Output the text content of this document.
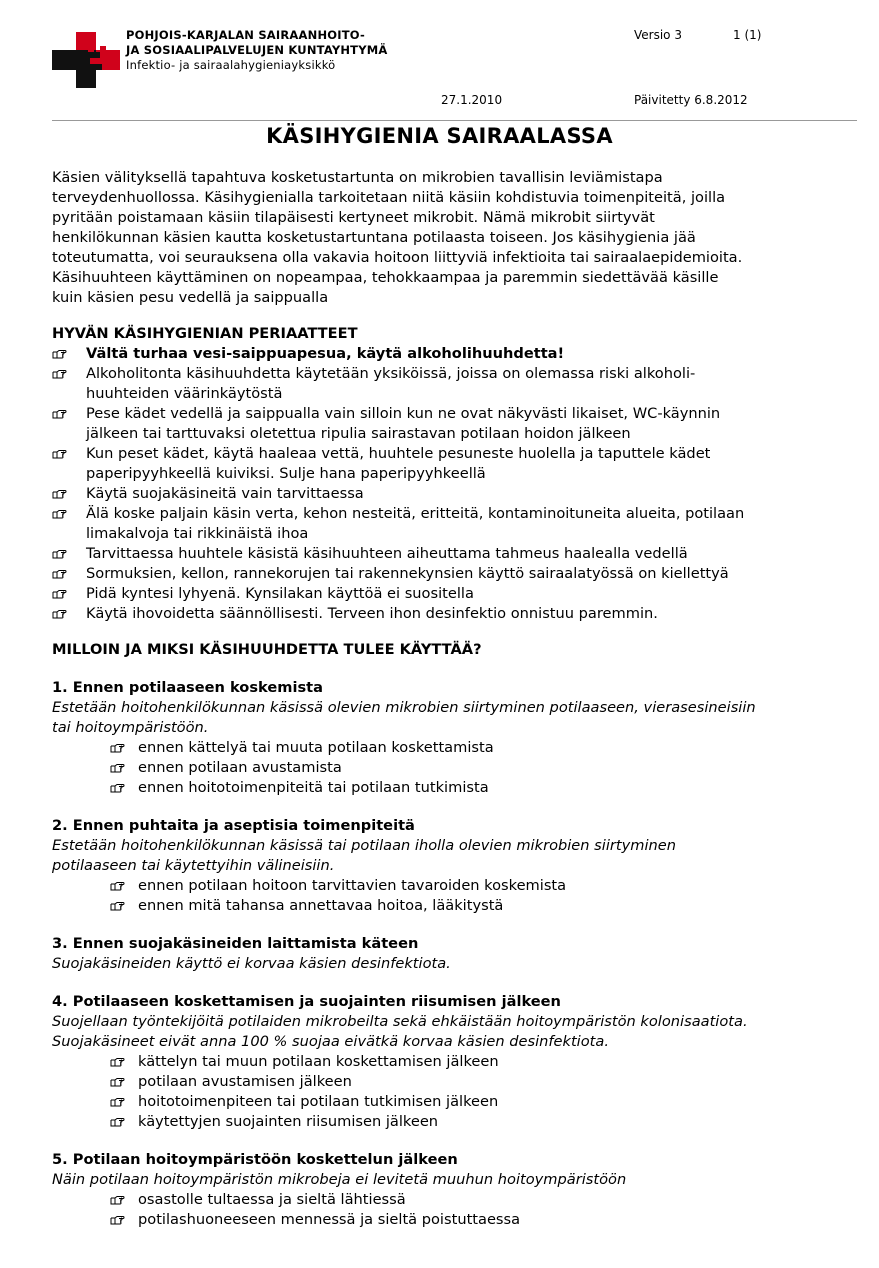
POHJOIS-KARJALAN SAIRAANHOITO-
JA SOSIAALIPALVELUJEN KUNTAYHTYMÄ
Infektio- ja sairaalahygieniayksikkö
Versio 3	1 (1)
27.1.2010	Päivitetty 6.8.2012
KÄSIHYGIENIA SAIRAALASSA
Käsien välityksellä tapahtuva kosketustartunta on mikrobien tavallisin leviämistapa
terveydenhuollossa. Käsihygienialla tarkoitetaan niitä käsiin kohdistuvia toimenpiteitä, joilla
pyritään poistamaan käsiin tilapäisesti kertyneet mikrobit. Nämä mikrobit siirtyvät
henkilökunnan käsien kautta kosketustartuntana potilaasta toiseen. Jos käsihygienia jää
toteutumatta, voi seurauksena olla vakavia hoitoon liittyviä infektioita tai sairaalaepidemioita.
Käsihuuhteen käyttäminen on nopeampaa, tehokkaampaa ja paremmin siedettävää käsille
kuin käsien pesu vedellä ja saippualla

HYVÄN KÄSIHYGIENIAN PERIAATTEET

Vältä turhaa vesi-saippuapesua, käytä alkoholihuuhdetta!
Alkoholitonta käsihuuhdetta käytetään yksiköissä, joissa on olemassa riski alkoholi-
huuhteiden väärinkäytöstä
Pese kädet vedellä ja saippualla vain silloin kun ne ovat näkyvästi likaiset, WC-käynnin
jälkeen tai tarttuvaksi oletettua ripulia sairastavan potilaan hoidon jälkeen
Kun peset kädet, käytä haaleaa vettä, huuhtele pesuneste huolella ja taputtele kädet
paperipyyhkeellä kuiviksi. Sulje hana paperipyyhkeellä
Käytä suojakäsineitä vain tarvittaessa
Älä koske paljain käsin verta, kehon nesteitä, eritteitä, kontaminoituneita alueita, potilaan
limakalvoja tai rikkinäistä ihoa
Tarvittaessa huuhtele käsistä käsihuuhteen aiheuttama tahmeus haalealla vedellä
Sormuksien, kellon, rannekorujen tai rakennekynsien käyttö sairaalatyössä on kiellettyä
Pidä kyntesi lyhyenä. Kynsilakan käyttöä ei suositella
Käytä ihovoidetta säännöllisesti. Terveen ihon desinfektio onnistuu paremmin.

MILLOIN JA MIKSI KÄSIHUUHDETTA TULEE KÄYTTÄÄ?

1. Ennen potilaaseen koskemista

Estetään hoitohenkilökunnan käsissä olevien mikrobien siirtyminen potilaaseen, vierasesineisiin
tai hoitoympäristöön.
ennen kättelyä tai muuta potilaan koskettamista
ennen potilaan avustamista
ennen hoitotoimenpiteitä tai potilaan tutkimista

2. Ennen puhtaita ja aseptisia toimenpiteitä

Estetään hoitohenkilökunnan käsissä tai potilaan iholla olevien mikrobien siirtyminen
potilaaseen tai käytettyihin välineisiin.
ennen potilaan hoitoon tarvittavien tavaroiden koskemista
ennen mitä tahansa annettavaa hoitoa, lääkitystä

3. Ennen suojakäsineiden laittamista käteen

Suojakäsineiden käyttö ei korvaa käsien desinfektiota.

4. Potilaaseen koskettamisen ja suojainten riisumisen jälkeen

Suojellaan työntekijöitä potilaiden mikrobeilta sekä ehkäistään hoitoympäristön kolonisaatiota.
Suojakäsineet eivät anna 100 % suojaa eivätkä korvaa käsien desinfektiota.
kättelyn tai muun potilaan koskettamisen jälkeen
potilaan avustamisen jälkeen
hoitotoimenpiteen tai potilaan tutkimisen jälkeen
käytettyjen suojainten riisumisen jälkeen

5. Potilaan hoitoympäristöön koskettelun jälkeen

Näin potilaan hoitoympäristön mikrobeja ei levitetä muuhun hoitoympäristöön
osastolle tultaessa ja sieltä lähtiessä
potilashuoneeseen mennessä ja sieltä poistuttaessa
